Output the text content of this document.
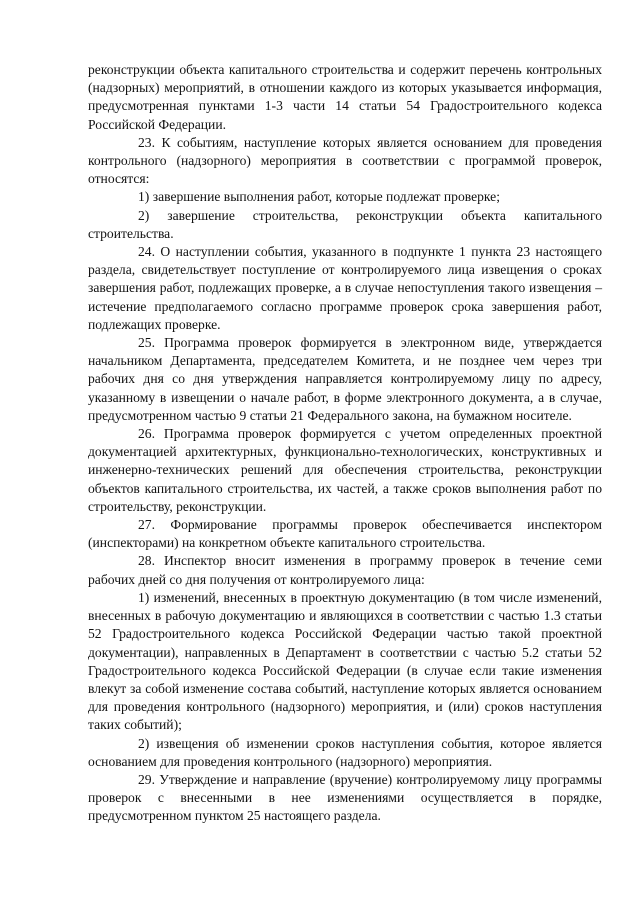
реконструкции объекта капитального строительства и содержит перечень контрольных (надзорных) мероприятий, в отношении каждого из которых указывается информация, предусмотренная пунктами 1-3 части 14 статьи 54 Градостроительного кодекса Российской Федерации.

23. К событиям, наступление которых является основанием для проведения контрольного (надзорного) мероприятия в соответствии с программой проверок, относятся:

1) завершение выполнения работ, которые подлежат проверке;

2) завершение строительства, реконструкции объекта капитального строительства.

24. О наступлении события, указанного в подпункте 1 пункта 23 настоящего раздела, свидетельствует поступление от контролируемого лица извещения о сроках завершения работ, подлежащих проверке, а в случае непоступления такого извещения – истечение предполагаемого согласно программе проверок срока завершения работ, подлежащих проверке.

25. Программа проверок формируется в электронном виде, утверждается начальником Департамента, председателем Комитета, и не позднее чем через три рабочих дня со дня утверждения направляется контролируемому лицу по адресу, указанному в извещении о начале работ, в форме электронного документа, а в случае, предусмотренном частью 9 статьи 21 Федерального закона, на бумажном носителе.

26. Программа проверок формируется с учетом определенных проектной документацией архитектурных, функционально-технологических, конструктивных и инженерно-технических решений для обеспечения строительства, реконструкции объектов капитального строительства, их частей, а также сроков выполнения работ по строительству, реконструкции.

27. Формирование программы проверок обеспечивается инспектором (инспекторами) на конкретном объекте капитального строительства.

28. Инспектор вносит изменения в программу проверок в течение семи рабочих дней со дня получения от контролируемого лица:

1) изменений, внесенных в проектную документацию (в том числе изменений, внесенных в рабочую документацию и являющихся в соответствии с частью 1.3 статьи 52 Градостроительного кодекса Российской Федерации частью такой проектной документации), направленных в Департамент в соответствии с частью 5.2 статьи 52 Градостроительного кодекса Российской Федерации (в случае если такие изменения влекут за собой изменение состава событий, наступление которых является основанием для проведения контрольного (надзорного) мероприятия, и (или) сроков наступления таких событий);

2) извещения об изменении сроков наступления события, которое является основанием для проведения контрольного (надзорного) мероприятия.

29. Утверждение и направление (вручение) контролируемому лицу программы проверок с внесенными в нее изменениями осуществляется в порядке, предусмотренном пунктом 25 настоящего раздела.
